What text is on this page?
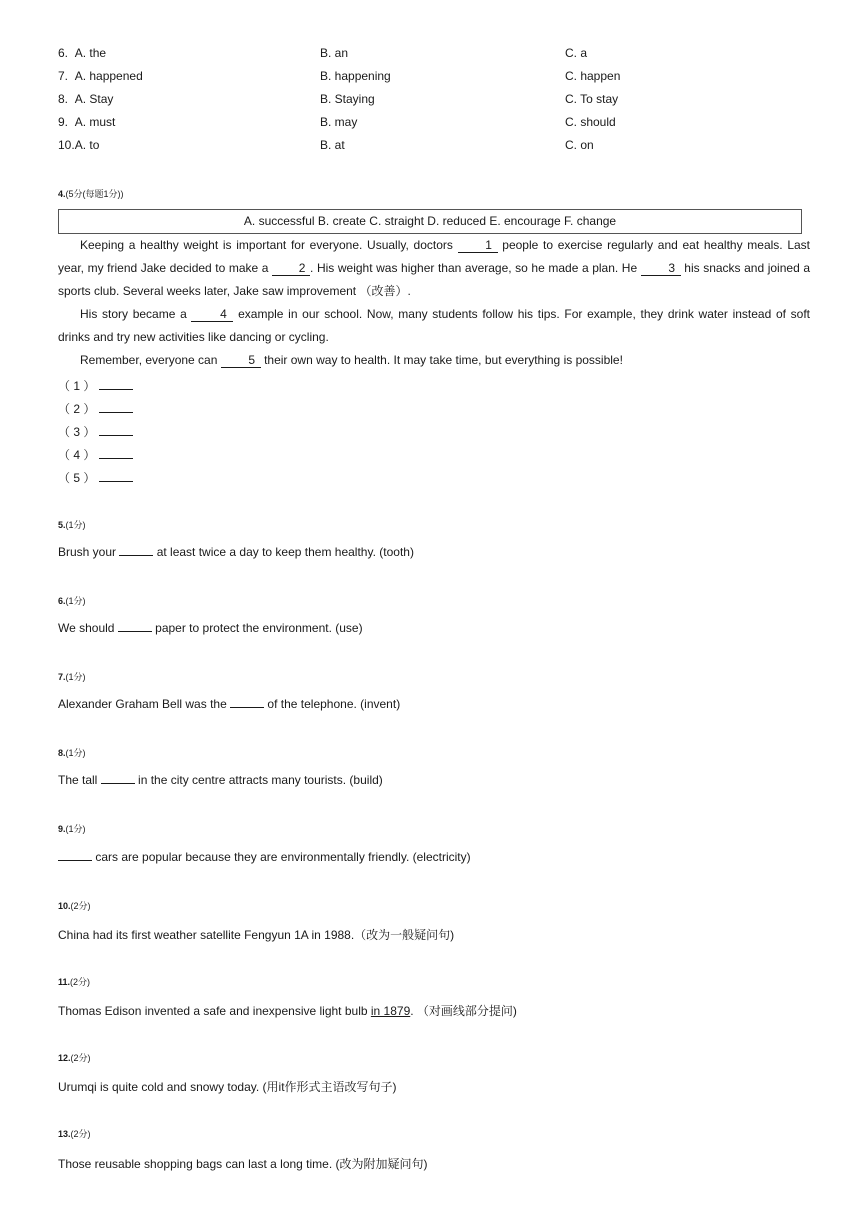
6. A. the	B. an	C. a
7. A. happened	B. happening	C. happen
8. A. Stay	B. Staying	C. To stay
9. A. must	B. may	C. should
10.A. to	B. at	C. on
4.(5分(每题1分))
A. successful B. create C. straight D. reduced E. encourage F. change
Keeping a healthy weight is important for everyone. Usually, doctors 1 people to exercise regularly and eat healthy meals. Last year, my friend Jake decided to make a 2 . His weight was higher than average, so he made a plan. He 3 his snacks and joined a sports club. Several weeks later, Jake saw improvement （改善）.
His story became a 4 example in our school. Now, many students follow his tips. For example, they drink water instead of soft drinks and try new activities like dancing or cycling.
Remember, everyone can 5 their own way to health. It may take time, but everything is possible!
（ 1 ）
（ 2 ）
（ 3 ）
（ 4 ）
（ 5 ）
5.(1分)
Brush your	at least twice a day to keep them healthy. (tooth)
6.(1分)
We should	paper to protect the environment. (use)
7.(1分)
Alexander Graham Bell was the	of the telephone. (invent)
8.(1分)
The tall	in the city centre attracts many tourists. (build)
9.(1分)
cars are popular because they are environmentally friendly. (electricity)
10.(2分)
China had its first weather satellite Fengyun 1A in 1988.（改为一般疑问句)
11.(2分)
Thomas Edison invented a safe and inexpensive light bulb in 1879. （对画线部分提问)
12.(2分)
Urumqi is quite cold and snowy today. (用it作形式主语改写句子)
13.(2分)
Those reusable shopping bags can last a long time. (改为附加疑问句)
